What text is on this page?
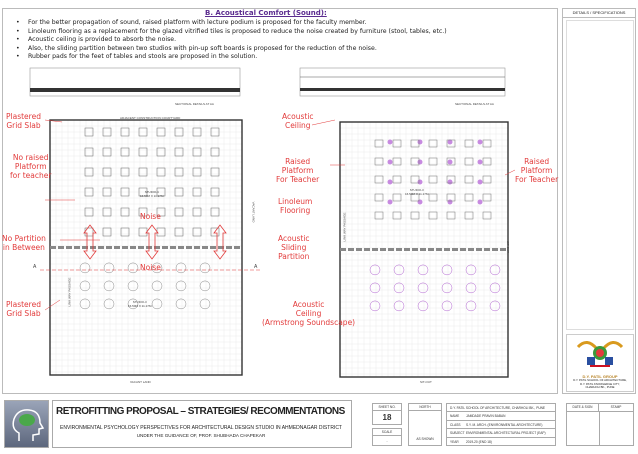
DETAILS / SPECIFICATIONS
B. Acoustical Comfort (Sound):
• For the better propagation of sound, raised platform with lecture podium is proposed for the faculty member.
• Linoleum flooring as a replacement for the glazed vitrified tiles is proposed to reduce the noise created by furniture (stool, tables, etc.)
• Acoustic ceiling is provided to absorb the noise.
• Also, the sliding partition between two studios with pin-up soft boards is proposed for the reduction of the noise.
• Rubber pads for the feet of tables and stools are proposed in the solution.
SECTIONAL DETAILS AT AA	SECTIONAL DETAILS AT AA
ADJACENT CONSTRUCTION COURTYARD
STUDIO-4
16.50M X 11.17M
STUDIO-3
16.50M X 11.17M
STUDIO-3
16.50M X 11.17M
VACANT LAND
VACANT LAND
SIT-OUT
SIT-OUT
LINK WAY PASSAGE
LINK WAY PASSAGE
A	A
Plastered
Grid Slab
No raised
Platform
for teacher
No Partition
in Between
Plastered
Grid Slab
Noise
Noise
Acoustic
Ceiling
Raised
Platform
For Teacher
Linoleum
Flooring
Acoustic
Sliding
Partition
Acoustic
Ceiling
(Armstrong Soundscape)
Raised
Platform
For Teacher
D.Y. PATIL GROUP
D.Y. PATIL SCHOOL OF ARCHITECTURE,
D.Y. PATIL KNOWLEDGE CITY,
CHARHOLI BK., PUNE
RETROFITTING PROPOSAL – STRATEGIES/ RECOMMENTATIONS
ENVIRONMENTAL PSYCHOLOGY PERSPECTIVES FOR ARCHITECTURAL DESIGN STUDIO IN AHMEDNAGAR DISTRICT
UNDER THE GUIDANCE OF, PROF. SHUBHADA CHAPEKAR
SHEET NO.
18
SCALE
-
NORTH
AS SHOWN
D.Y. PATIL SCHOOL OF ARCHITECTURE, CHARHOLI BK., PUNE
NAME JAMDADE PRAVIN BABAN
CLASS S.Y. M. ARCH. (ENVIRONMENTAL ARCHITECTURE)
SUBJECTENVIRONMENTAL ARCHITECTURAL PROJECT (EAP)
YEAR 2019-20 (END 18)
DATE & SIGN	STAMP
